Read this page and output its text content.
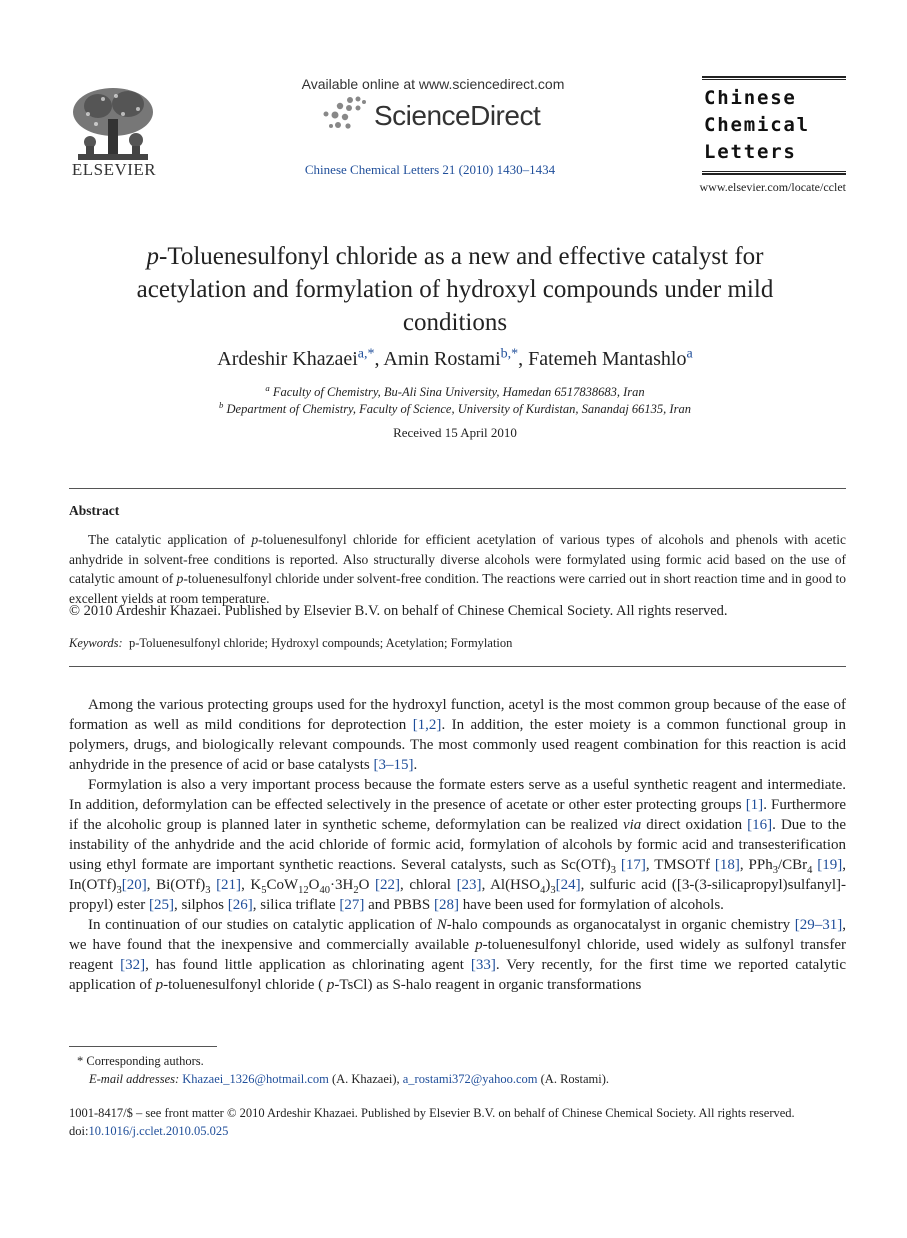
ELSEVIER
Available online at www.sciencedirect.com
ScienceDirect
Chinese Chemical Letters 21 (2010) 1430–1434
Chinese
Chemical
Letters
www.elsevier.com/locate/cclet
p-Toluenesulfonyl chloride as a new and effective catalyst for acetylation and formylation of hydroxyl compounds under mild conditions
Ardeshir Khazaei$^{a,*}$, Amin Rostami$^{b,*}$, Fatemeh Mantashlo$^a$
$^a$ Faculty of Chemistry, Bu-Ali Sina University, Hamedan 6517838683, Iran
$^b$ Department of Chemistry, Faculty of Science, University of Kurdistan, Sanandaj 66135, Iran
Received 15 April 2010
Abstract
The catalytic application of p-toluenesulfonyl chloride for efficient acetylation of various types of alcohols and phenols with acetic anhydride in solvent-free conditions is reported. Also structurally diverse alcohols were formylated using formic acid based on the use of catalytic amount of p-toluenesulfonyl chloride under solvent-free condition. The reactions were carried out in short reaction time and in good to excellent yields at room temperature.
© 2010 Ardeshir Khazaei. Published by Elsevier B.V. on behalf of Chinese Chemical Society. All rights reserved.
Keywords: p-Toluenesulfonyl chloride; Hydroxyl compounds; Acetylation; Formylation

Among the various protecting groups used for the hydroxyl function, acetyl is the most common group because of the ease of formation as well as mild conditions for deprotection [1,2]. In addition, the ester moiety is a common functional group in polymers, drugs, and biologically relevant compounds. The most commonly used reagent combination for this reaction is acid anhydride in the presence of acid or base catalysts [3–15].

Formylation is also a very important process because the formate esters serve as a useful synthetic reagent and intermediate. In addition, deformylation can be effected selectively in the presence of acetate or other ester protecting groups [1]. Furthermore if the alcoholic group is planned later in synthetic scheme, deformylation can be realized via direct oxidation [16]. Due to the instability of the anhydride and the acid chloride of formic acid, formylation of alcohols by formic acid and transesterification using ethyl formate are important synthetic reactions. Several catalysts, such as $Sc(OTf)_3$ [17], TMSOTf [18], PPh$_3$/CBr$_4$ [19], $In(OTf)_3[20]$, $Bi(OTf)_3$ [21], $K_5CoW_{12}O_{40}\cdot 3H_2O$ [22], chloral [23], $Al(HSO_4)_3[24]$, sulfuric acid ([3-(3-silicapropyl)sulfanyl]-propyl) ester [25], silphos [26], silica triflate [27] and PBBS [28] have been used for formylation of alcohols.

In continuation of our studies on catalytic application of N-halo compounds as organocatalyst in organic chemistry [29–31], we have found that the inexpensive and commercially available p-toluenesulfonyl chloride, used widely as sulfonyl transfer reagent [32], has found little application as chlorinating agent [33]. Very recently, for the first time we reported catalytic application of p-toluenesulfonyl chloride ( p-TsCl) as S-halo reagent in organic transformations

* Corresponding authors.
E-mail addresses: Khazaei_1326@hotmail.com (A. Khazaei), a_rostami372@yahoo.com (A. Rostami).
1001-8417/$ – see front matter © 2010 Ardeshir Khazaei. Published by Elsevier B.V. on behalf of Chinese Chemical Society. All rights reserved.
doi:10.1016/j.cclet.2010.05.025
